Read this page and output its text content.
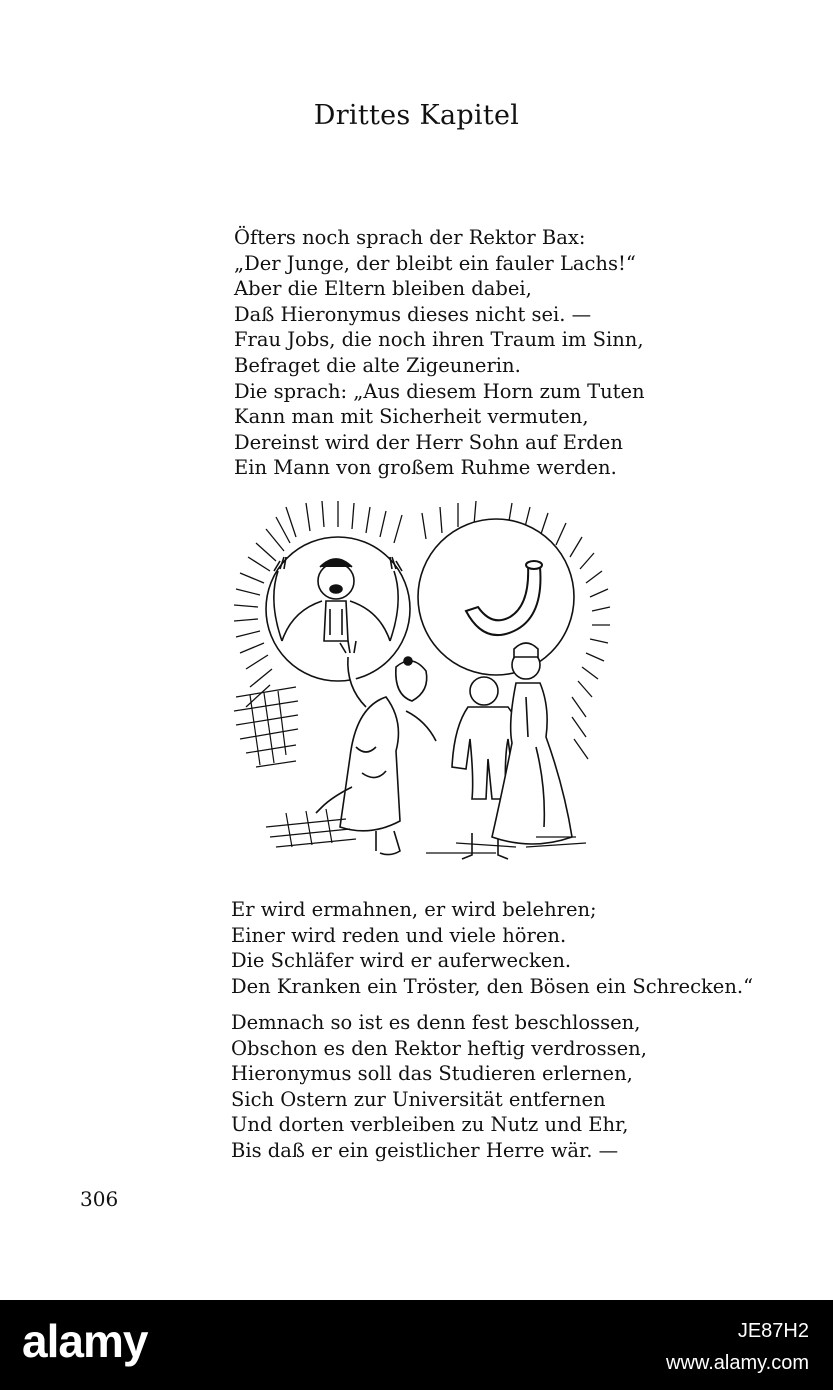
Drittes Kapitel
Öfters noch sprach der Rektor Bax:
„Der Junge, der bleibt ein fauler Lachs!“
Aber die Eltern bleiben dabei,
Daß Hieronymus dieses nicht sei. —
Frau Jobs, die noch ihren Traum im Sinn,
Befraget die alte Zigeunerin.
Die sprach: „Aus diesem Horn zum Tuten
Kann man mit Sicherheit vermuten,
Dereinst wird der Herr Sohn auf Erden
Ein Mann von großem Ruhme werden.
Er wird ermahnen, er wird belehren;
Einer wird reden und viele hören.
Die Schläfer wird er auferwecken.
Den Kranken ein Tröster, den Bösen ein Schrecken.“
Demnach so ist es denn fest beschlossen,
Obschon es den Rektor heftig verdrossen,
Hieronymus soll das Studieren erlernen,
Sich Ostern zur Universität entfernen
Und dorten verbleiben zu Nutz und Ehr,
Bis daß er ein geistlicher Herre wär. —
306
alamy	JE87H2
www.alamy.com
